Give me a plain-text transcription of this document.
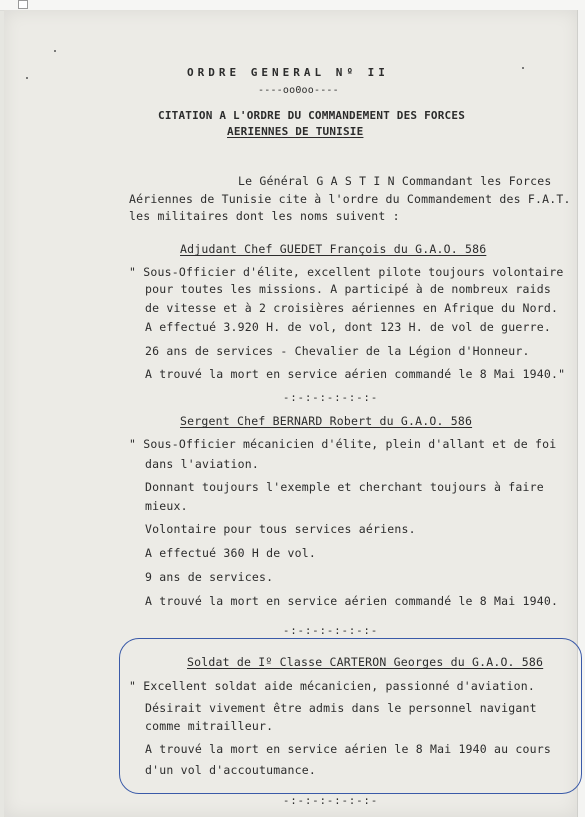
ORDRE GENERAL Nº II
----oo0oo----
CITATION A L'ORDRE DU COMMANDEMENT DES FORCES
AERIENNES DE TUNISIE
Le Général G A S T I N Commandant les Forces
Aériennes de Tunisie cite à l'ordre du Commandement des F.A.T.
les militaires dont les noms suivent :
Adjudant Chef GUEDET François du G.A.O. 586
" Sous-Officier d'élite, excellent pilote toujours volontaire
pour toutes les missions. A participé à de nombreux raids
de vitesse et à 2 croisières aériennes en Afrique du Nord.
A effectué 3.920 H. de vol, dont 123 H. de vol de guerre.
26 ans de services - Chevalier de la Légion d'Honneur.
A trouvé la mort en service aérien commandé le 8 Mai 1940."
-:-:-:-:-:-:-
Sergent Chef BERNARD Robert du G.A.O. 586
" Sous-Officier mécanicien d'élite, plein d'allant et de foi
dans l'aviation.
Donnant toujours l'exemple et cherchant toujours à faire
mieux.
Volontaire pour tous services aériens.
A effectué 360 H de vol.
9 ans de services.
A trouvé la mort en service aérien commandé le 8 Mai 1940.
-:-:-:-:-:-:-
Soldat de Iº Classe CARTERON Georges du G.A.O. 586
" Excellent soldat aide mécanicien, passionné d'aviation.
Désirait vivement être admis dans le personnel navigant
comme mitrailleur.
A trouvé la mort en service aérien le 8 Mai 1940 au cours
d'un vol d'accoutumance.
-:-:-:-:-:-:-
